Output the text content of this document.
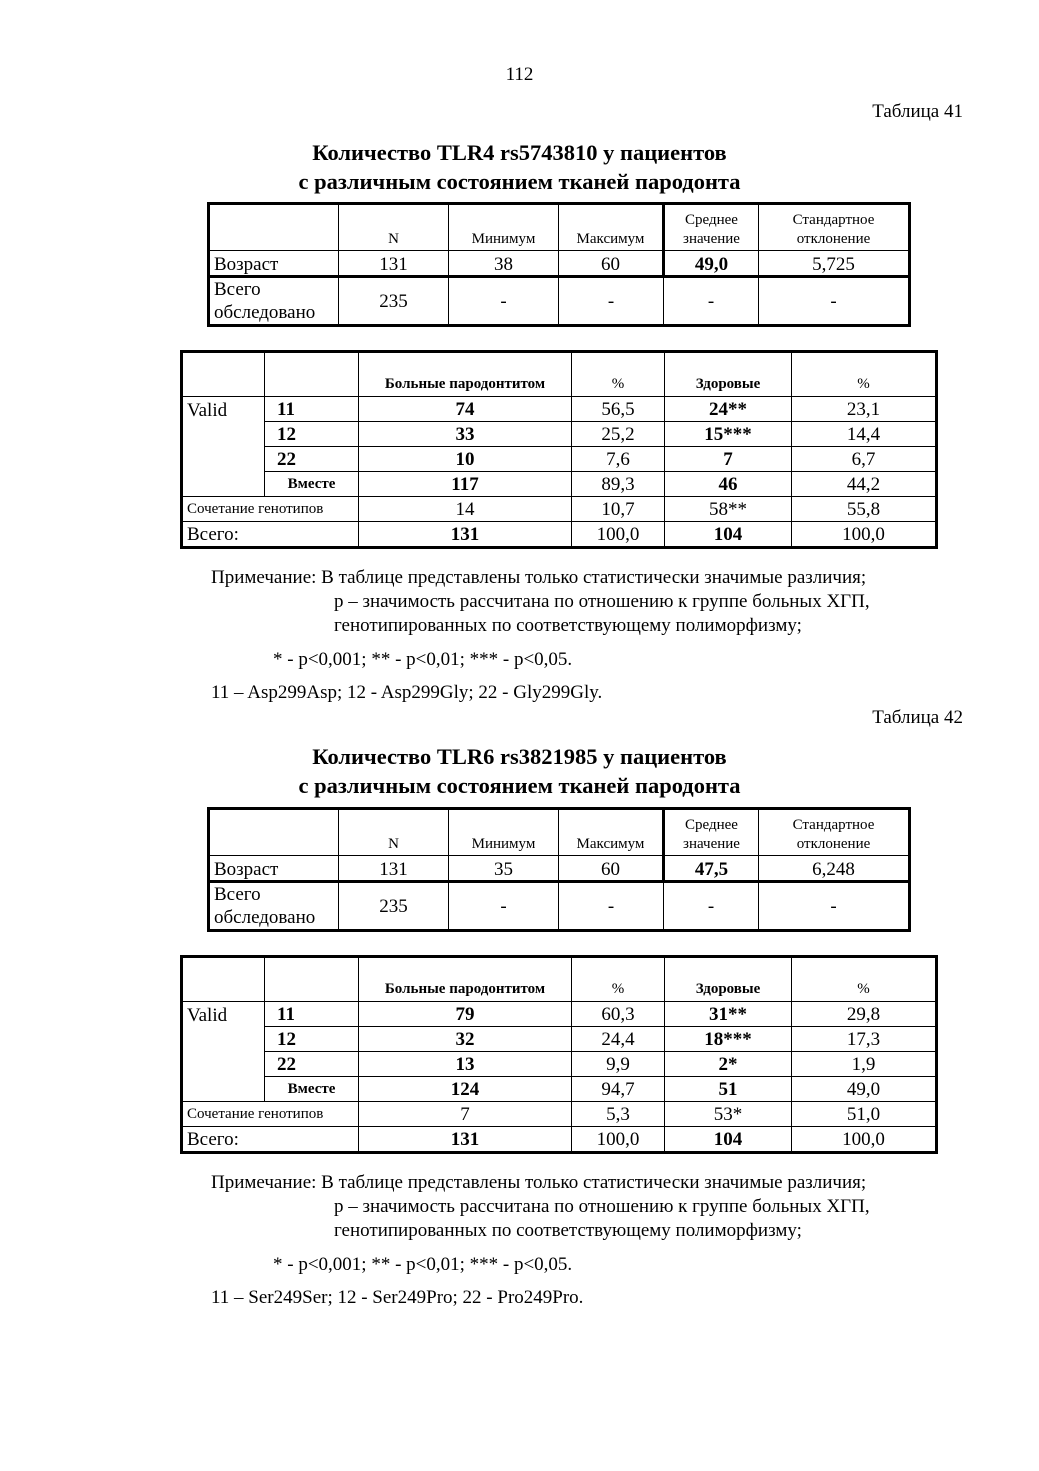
112
Таблица 41
Количество TLR4 rs5743810 у пациентов
с различным состоянием тканей пародонта
	N	Минимум	Максимум	Среднее значение	Стандартное отклонение
Возраст	131	38	60	49,0	5,725
Всего обследовано	235	-	-	-	-
		Больные пародонтитом	%	Здоровые	%
Valid	11	74	56,5	24**	23,1
	12	33	25,2	15***	14,4
	22	10	7,6	7	6,7
	Вместе	117	89,3	46	44,2
Сочетание генотипов		14	10,7	58**	55,8
Всего:		131	100,0	104	100,0
Примечание: В таблице представлены только статистически значимые различия;
р – значимость рассчитана по отношению к группе больных ХГП,
генотипированных по соответствующему полиморфизму;
* - p<0,001; ** - p<0,01; *** - p<0,05.
11 – Asp299Asp; 12 - Asp299Gly; 22 - Gly299Gly.
Таблица 42
Количество TLR6 rs3821985 у пациентов
с различным состоянием тканей пародонта
	N	Минимум	Максимум	Среднее значение	Стандартное отклонение
Возраст	131	35	60	47,5	6,248
Всего обследовано	235	-	-	-	-
		Больные пародонтитом	%	Здоровые	%
Valid	11	79	60,3	31**	29,8
	12	32	24,4	18***	17,3
	22	13	9,9	2*	1,9
	Вместе	124	94,7	51	49,0
Сочетание генотипов		7	5,3	53*	51,0
Всего:		131	100,0	104	100,0
Примечание: В таблице представлены только статистически значимые различия;
р – значимость рассчитана по отношению к группе больных ХГП,
генотипированных по соответствующему полиморфизму;
* - p<0,001; ** - p<0,01; *** - p<0,05.
11 – Ser249Ser; 12 - Ser249Pro; 22 - Pro249Pro.
